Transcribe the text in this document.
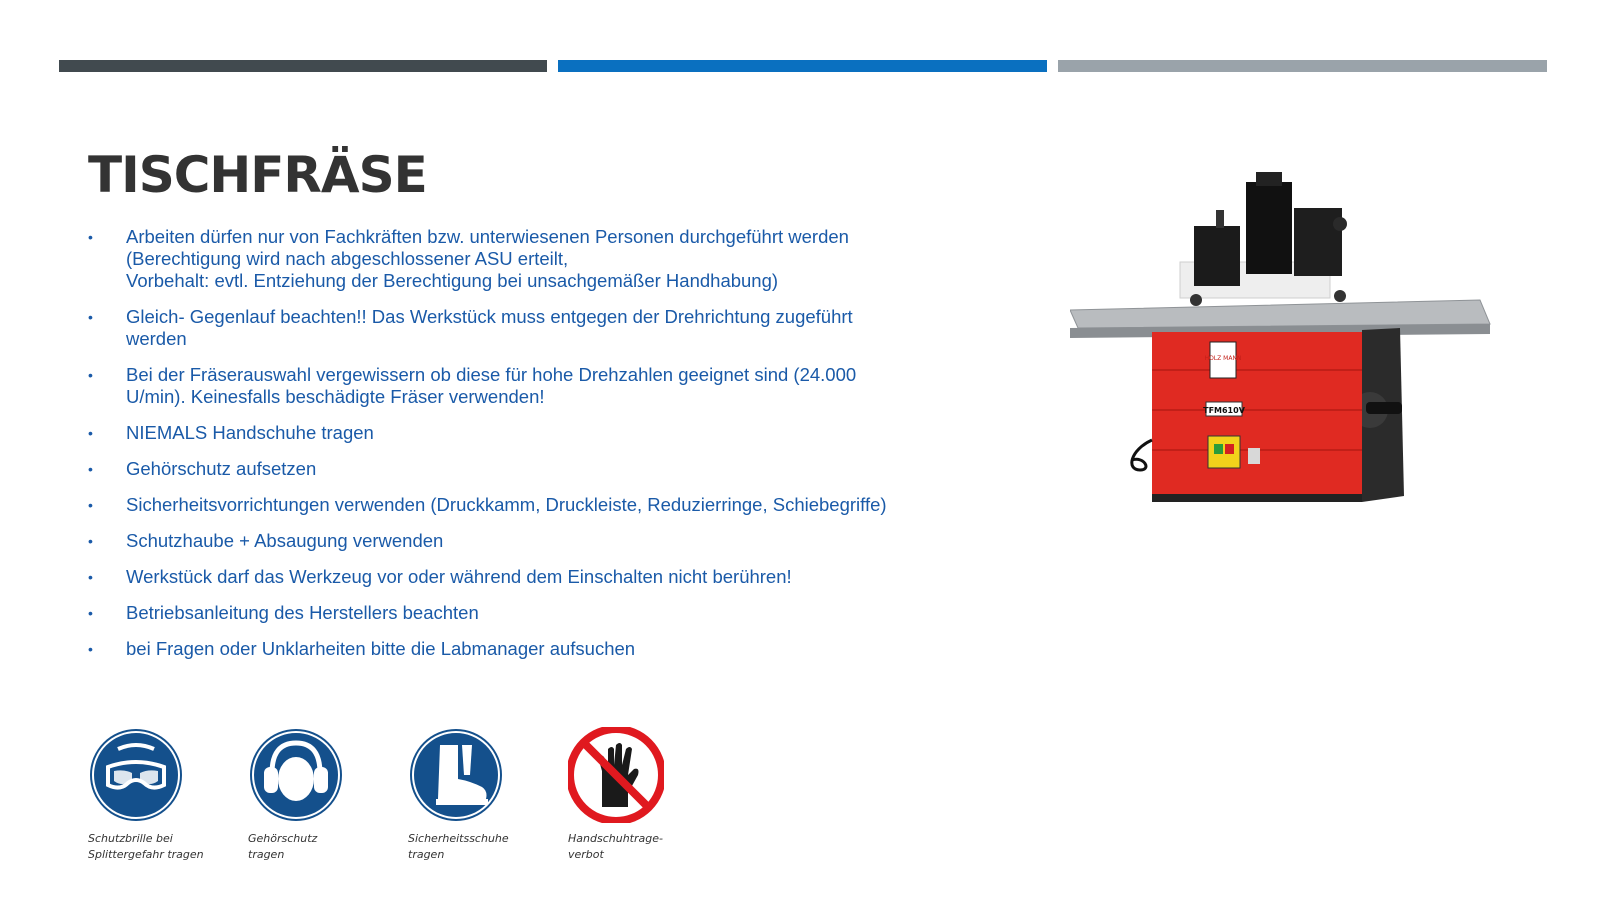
TISCHFRÄSE
• Arbeiten dürfen nur von Fachkräften bzw. unterwiesenen Personen durchgeführt werden
(Berechtigung wird nach abgeschlossener ASU erteilt,
Vorbehalt: evtl. Entziehung der Berechtigung bei unsachgemäßer Handhabung)
• Gleich- Gegenlauf beachten!! Das Werkstück muss entgegen der Drehrichtung zugeführt
werden
• Bei der Fräserauswahl vergewissern ob diese für hohe Drehzahlen geeignet sind (24.000
U/min). Keinesfalls beschädigte Fräser verwenden!
• NIEMALS Handschuhe tragen
• Gehörschutz aufsetzen
• Sicherheitsvorrichtungen verwenden (Druckkamm, Druckleiste, Reduzierringe, Schiebegriffe)
• Schutzhaube + Absaugung verwenden
• Werkstück darf das Werkzeug vor oder während dem Einschalten nicht berühren!
• Betriebsanleitung des Herstellers beachten
• bei Fragen oder Unklarheiten bitte die Labmanager aufsuchen
HOLZ MANN
TFM610V
Schutzbrille bei
Splittergefahr tragen
Gehörschutz
tragen
Sicherheitsschuhe
tragen
Handschuhtrage-
verbot
